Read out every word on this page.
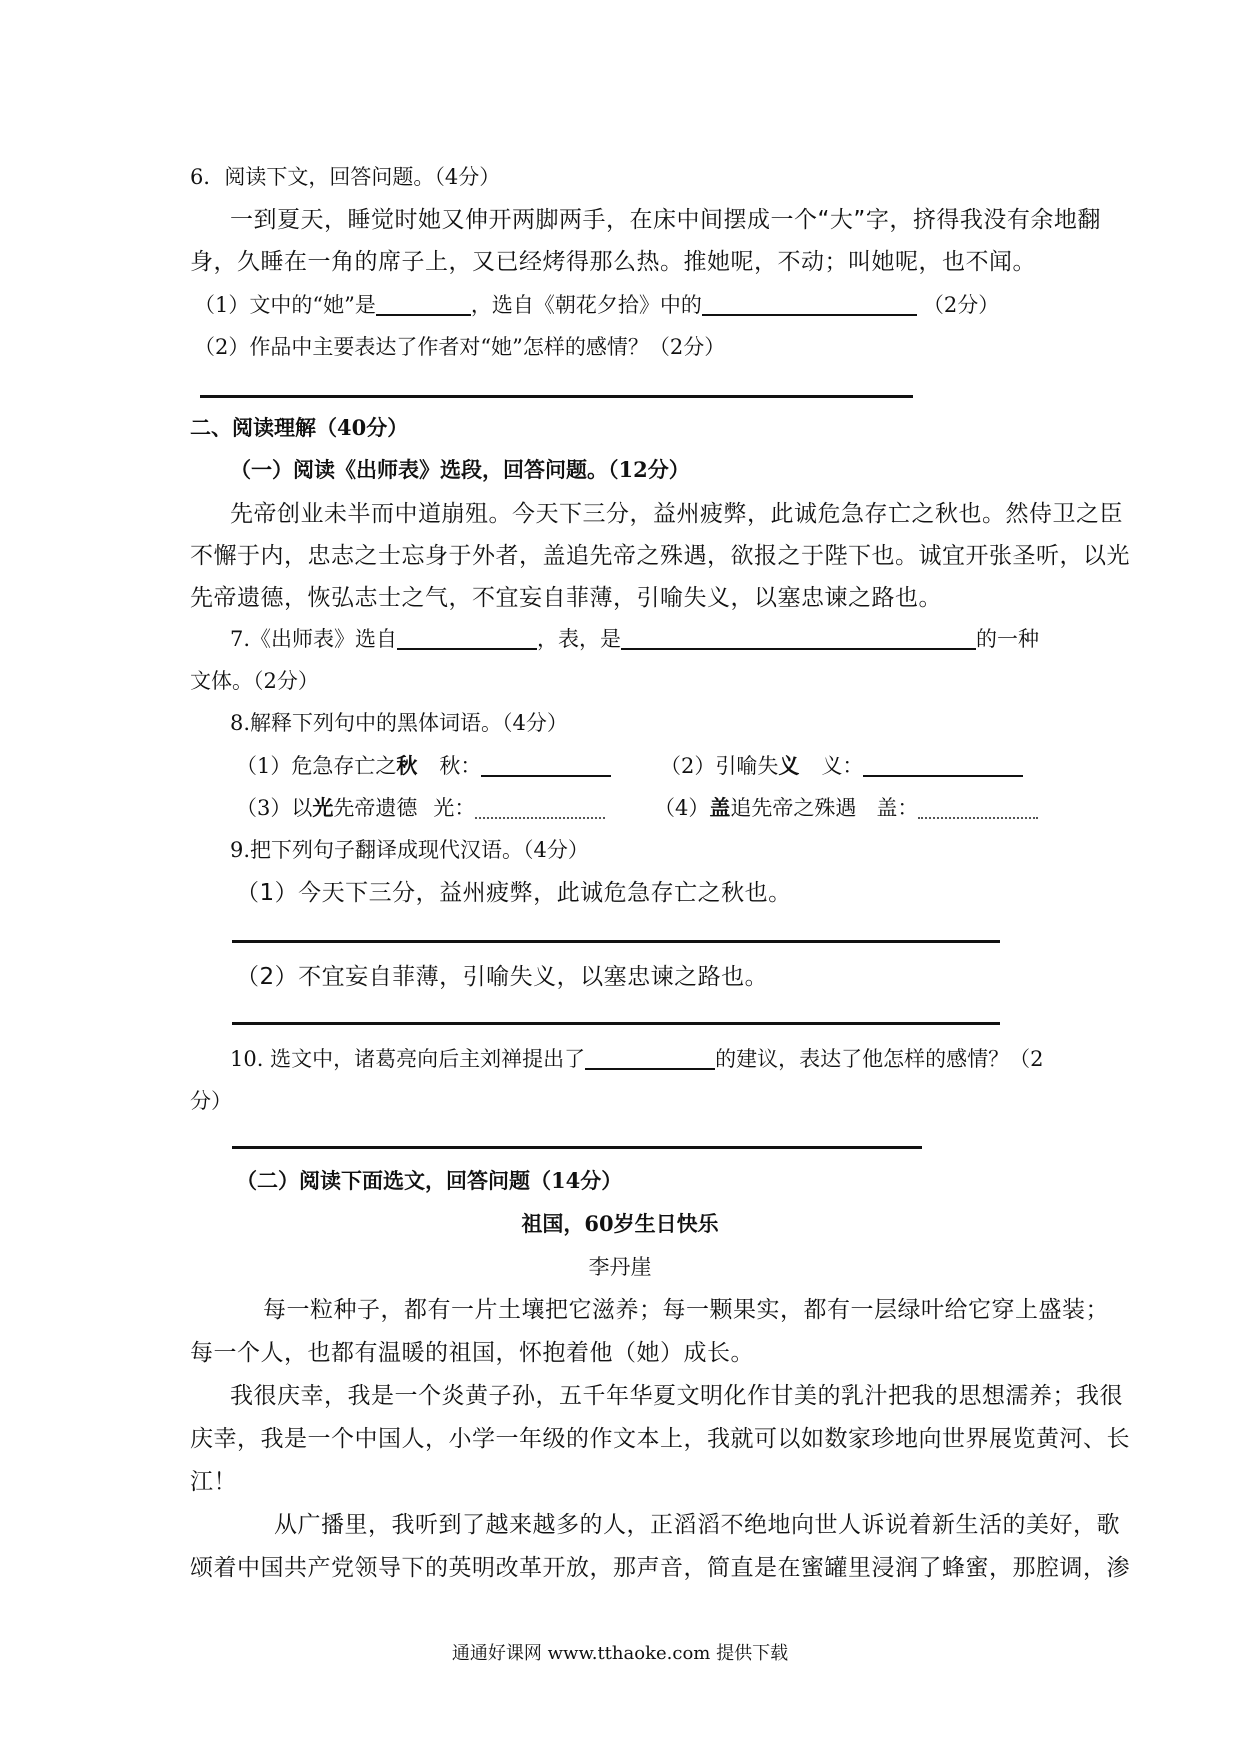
6．阅读下文，回答问题。（4分）
一到夏天，睡觉时她又伸开两脚两手，在床中间摆成一个“大”字，挤得我没有余地翻
身，久睡在一角的席子上，又已经烤得那么热。推她呢，不动；叫她呢，也不闻。
（1）文中的“她”是	，选自《朝花夕拾》中的	（2分）
（2）作品中主要表达了作者对“她”怎样的感情？（2分）
二、阅读理解（40分）
（一）阅读《出师表》选段，回答问题。（12分）
先帝创业未半而中道崩殂。今天下三分，益州疲弊，此诚危急存亡之秋也。然侍卫之臣
不懈于内，忠志之士忘身于外者，盖追先帝之殊遇，欲报之于陛下也。诚宜开张圣听，以光
先帝遗德，恢弘志士之气，不宜妄自菲薄，引喻失义，以塞忠谏之路也。
7.《出师表》选自	，表，是	的一种
文体。（2分）
8.解释下列句中的黑体词语。（4分）
（1）危急存亡之秋 秋：	（2）引喻失义 义：
（3）以光先帝遗德 光：	（4）盖追先帝之殊遇 盖：
9.把下列句子翻译成现代汉语。（4分）
（1）今天下三分，益州疲弊，此诚危急存亡之秋也。
（2）不宜妄自菲薄，引喻失义，以塞忠谏之路也。
10. 选文中，诸葛亮向后主刘禅提出了	的建议，表达了他怎样的感情？（2
分）
（二）阅读下面选文，回答问题（14分）
祖国，60岁生日快乐
李丹崖
每一粒种子，都有一片土壤把它滋养；每一颗果实，都有一层绿叶给它穿上盛装；
每一个人，也都有温暖的祖国，怀抱着他（她）成长。
我很庆幸，我是一个炎黄子孙，五千年华夏文明化作甘美的乳汁把我的思想濡养；我很
庆幸，我是一个中国人，小学一年级的作文本上，我就可以如数家珍地向世界展览黄河、长
江！
从广播里，我听到了越来越多的人，正滔滔不绝地向世人诉说着新生活的美好，歌
颂着中国共产党领导下的英明改革开放，那声音，简直是在蜜罐里浸润了蜂蜜，那腔调，渗
通通好课网 www.tthaoke.com 提供下载
